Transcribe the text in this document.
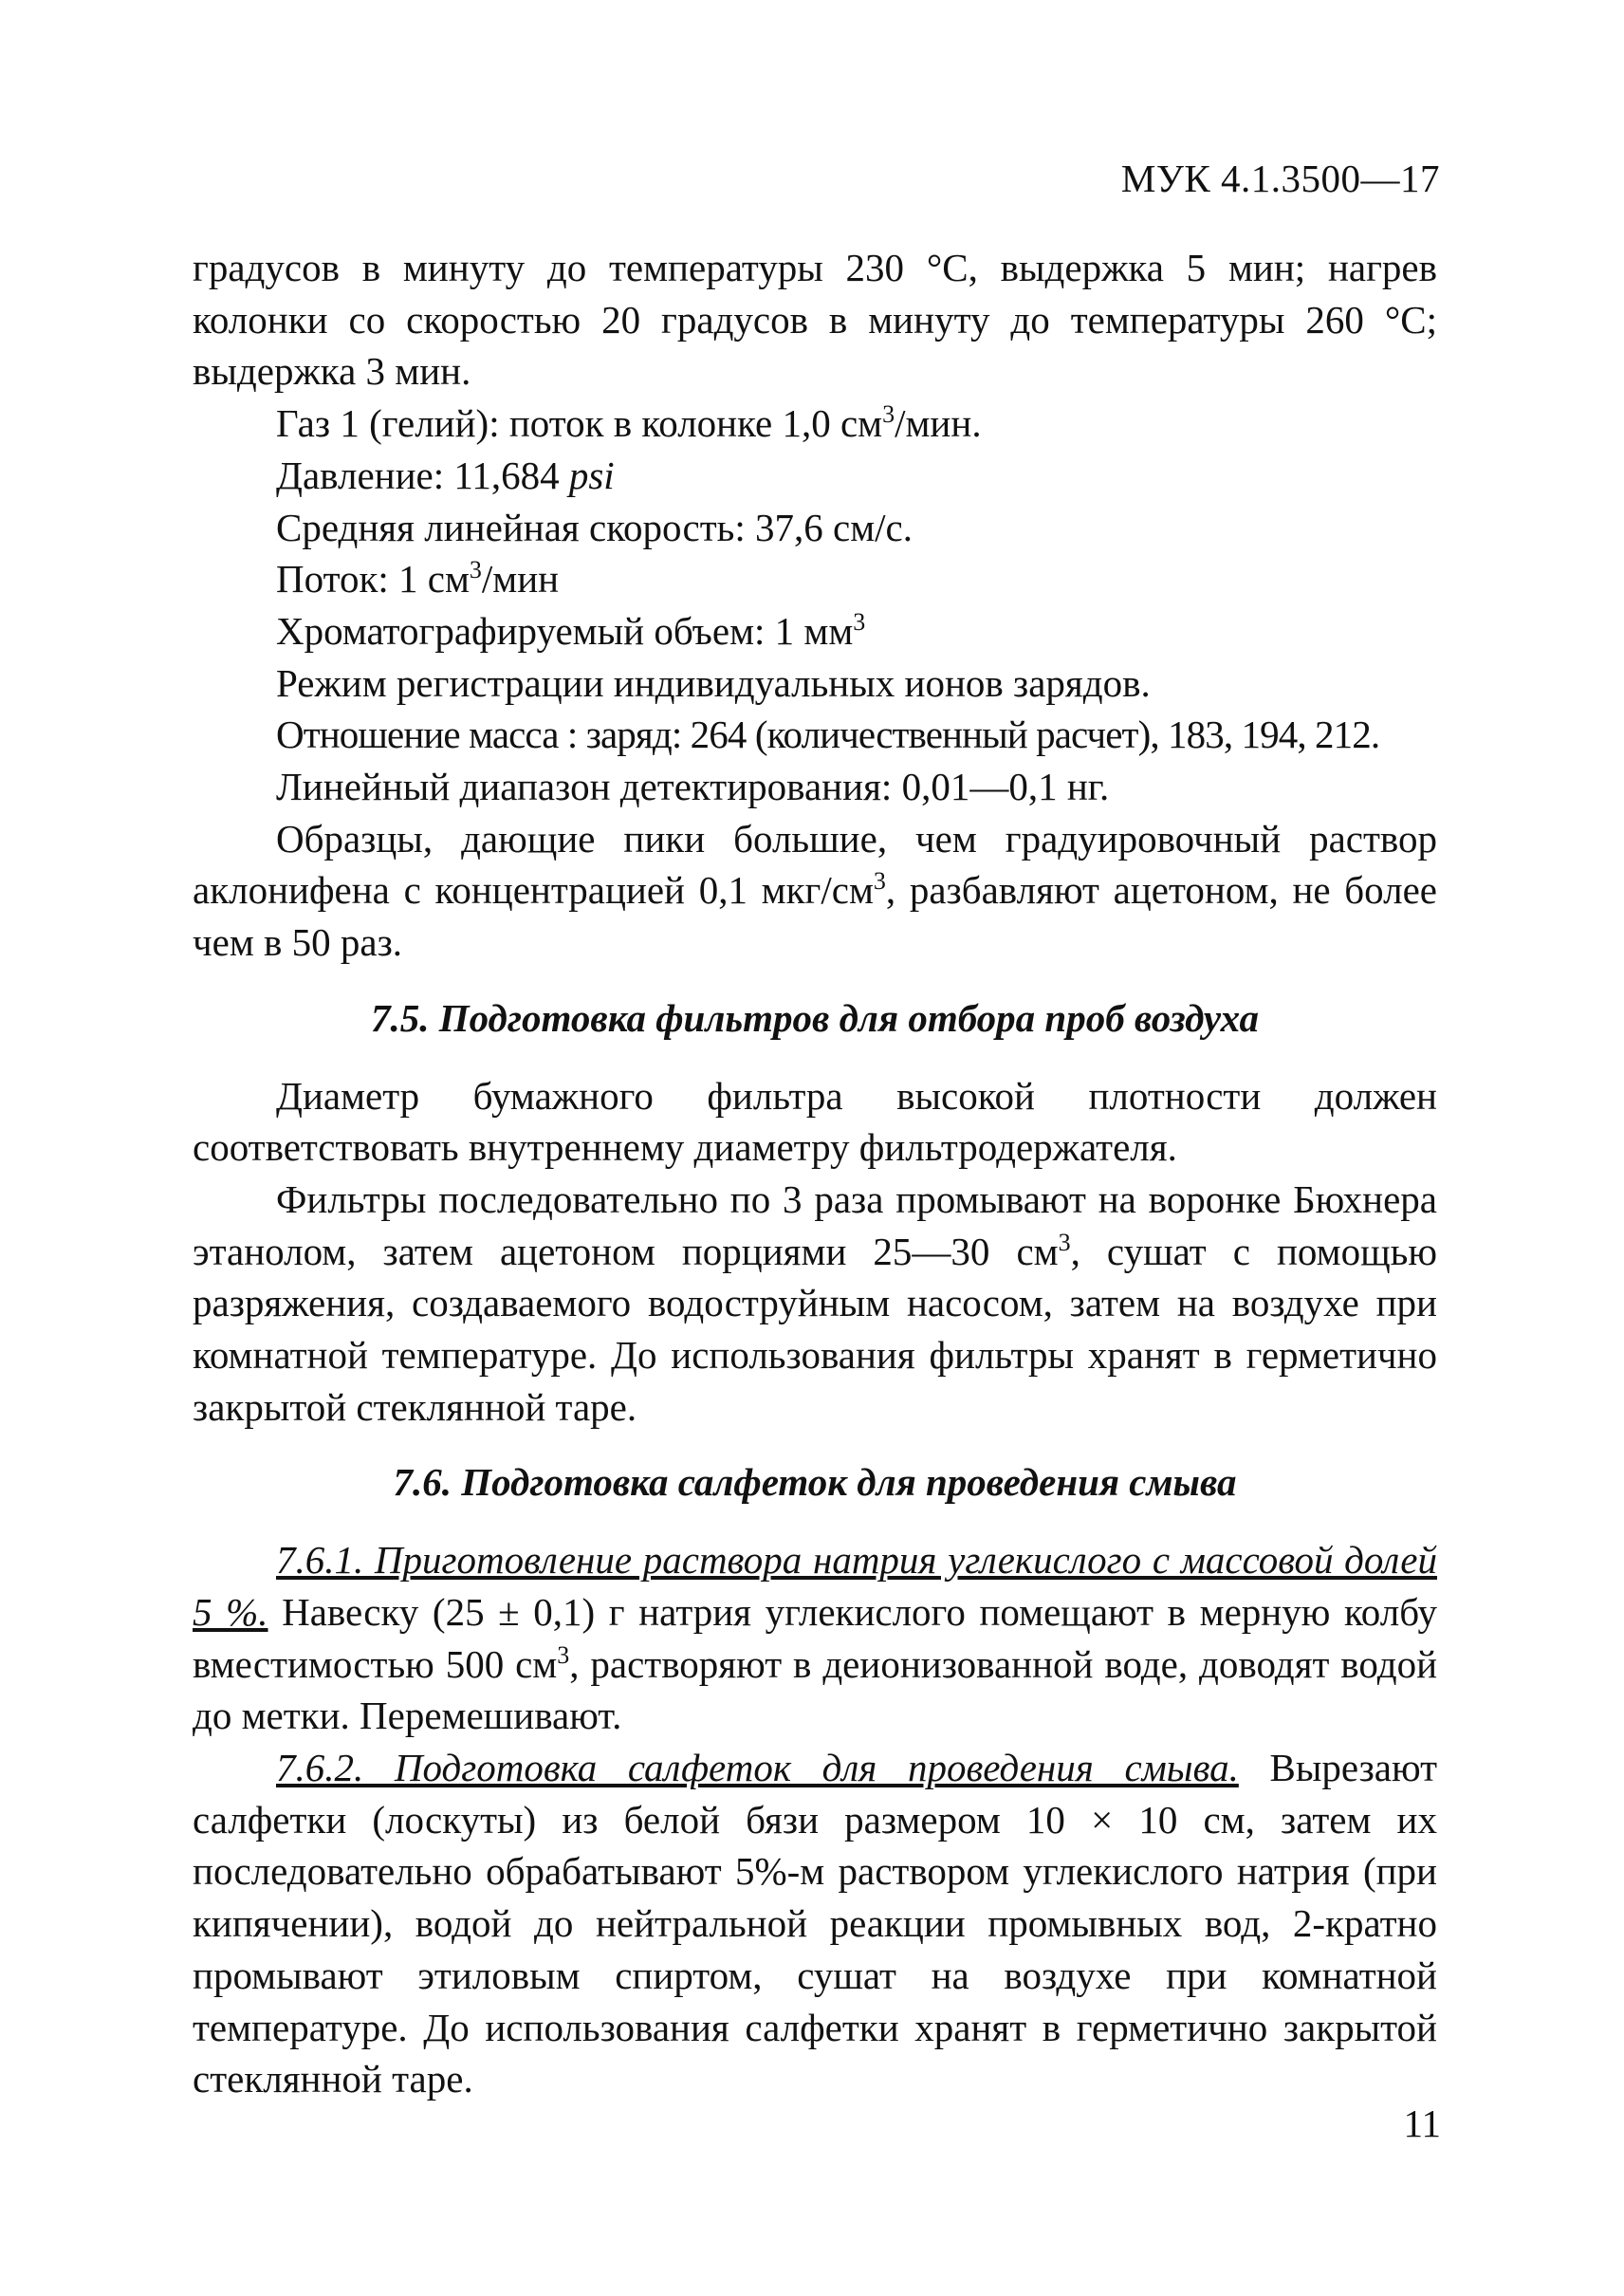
МУК 4.1.3500—17

градусов в минуту до температуры 230 °С, выдержка 5 мин; нагрев колонки со скоростью 20 градусов в минуту до температуры 260 °С; выдержка 3 мин.

Газ 1 (гелий): поток в колонке 1,0 $см^3$/мин.

Давление: 11,684 psi

Средняя линейная скорость: 37,6 см/с.

Поток: 1 $см^3$/мин

Хроматографируемый объем: 1 $мм^3$

Режим регистрации индивидуальных ионов зарядов.

Отношение масса : заряд: 264 (количественный расчет), 183, 194, 212.

Линейный диапазон детектирования: 0,01—0,1 нг.

Образцы, дающие пики большие, чем градуировочный раствор аклонифена с концентрацией 0,1 мкг/$см^3$, разбавляют ацетоном, не более чем в 50 раз.

7.5. Подготовка фильтров для отбора проб воздуха

Диаметр бумажного фильтра высокой плотности должен соответствовать внутреннему диаметру фильтродержателя.

Фильтры последовательно по 3 раза промывают на воронке Бюхнера этанолом, затем ацетоном порциями 25—30 $см^3$, сушат с помощью разряжения, создаваемого водоструйным насосом, затем на воздухе при комнатной температуре. До использования фильтры хранят в герметично закрытой стеклянной таре.

7.6. Подготовка салфеток для проведения смыва

7.6.1. Приготовление раствора натрия углекислого с массовой долей 5 %. Навеску (25 ± 0,1) г натрия углекислого помещают в мерную колбу вместимостью 500 $см^3$, растворяют в деионизованной воде, доводят водой до метки. Перемешивают.

7.6.2. Подготовка салфеток для проведения смыва. Вырезают салфетки (лоскуты) из белой бязи размером 10 × 10 см, затем их последовательно обрабатывают 5%-м раствором углекислого натрия (при кипячении), водой до нейтральной реакции промывных вод, 2-кратно промывают этиловым спиртом, сушат на воздухе при комнатной температуре. До использования салфетки хранят в герметично закрытой стеклянной таре.

11
